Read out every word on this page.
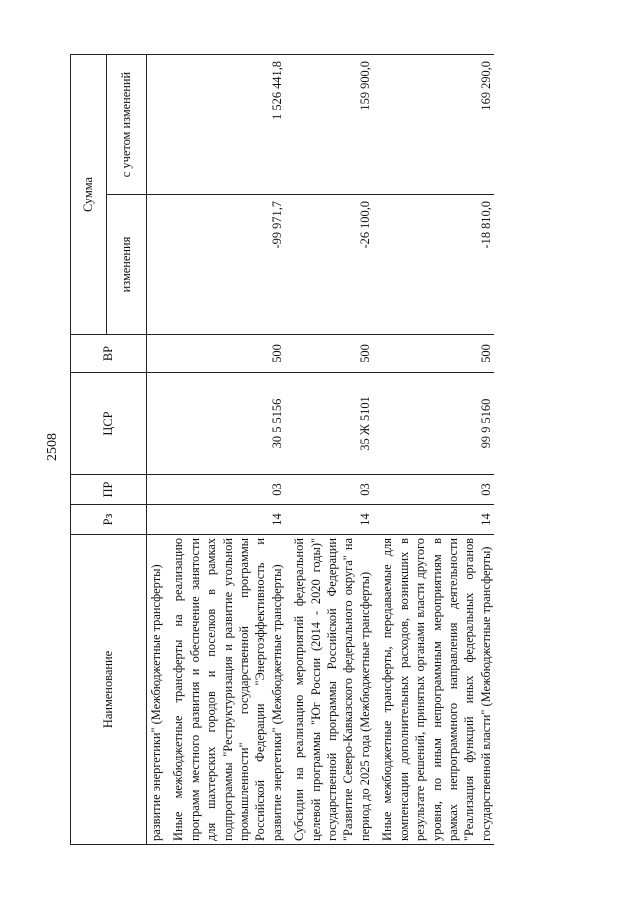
2508
Наименование	Рз	ПР	ЦСР	ВР	Сумма	
					изменения	с учетом изменений
развитие энергетики" (Межбюджетные трансферты)						
Иные межбюджетные трансферты на реализацию программ местного развития и обеспечение занятости для шахтерских городов и поселков в рамках подпрограммы "Реструктуризация и развитие угольной промышленности" государственной программы Российской Федерации "Энергоэффективность и развитие энергетики" (Межбюджетные трансферты)	14	03	30 5 5156	500	-99 971,7	1 526 441,8
Субсидии на реализацию мероприятий федеральной целевой программы "Юг России (2014 - 2020 годы)" государственной программы Российской Федерации "Развитие Северо-Кавказского федерального округа" на период до 2025 года (Межбюджетные трансферты)	14	03	35 Ж 5101	500	-26 100,0	159 900,0
Иные межбюджетные трансферты, передаваемые для компенсации дополнительных расходов, возникших в результате решений, принятых органами власти другого уровня, по иным непрограммным мероприятиям в рамках непрограммного направления деятельности "Реализация функций иных федеральных органов государственной власти" (Межбюджетные трансферты)	14	03	99 9 5160	500	-18 810,0	169 290,0
